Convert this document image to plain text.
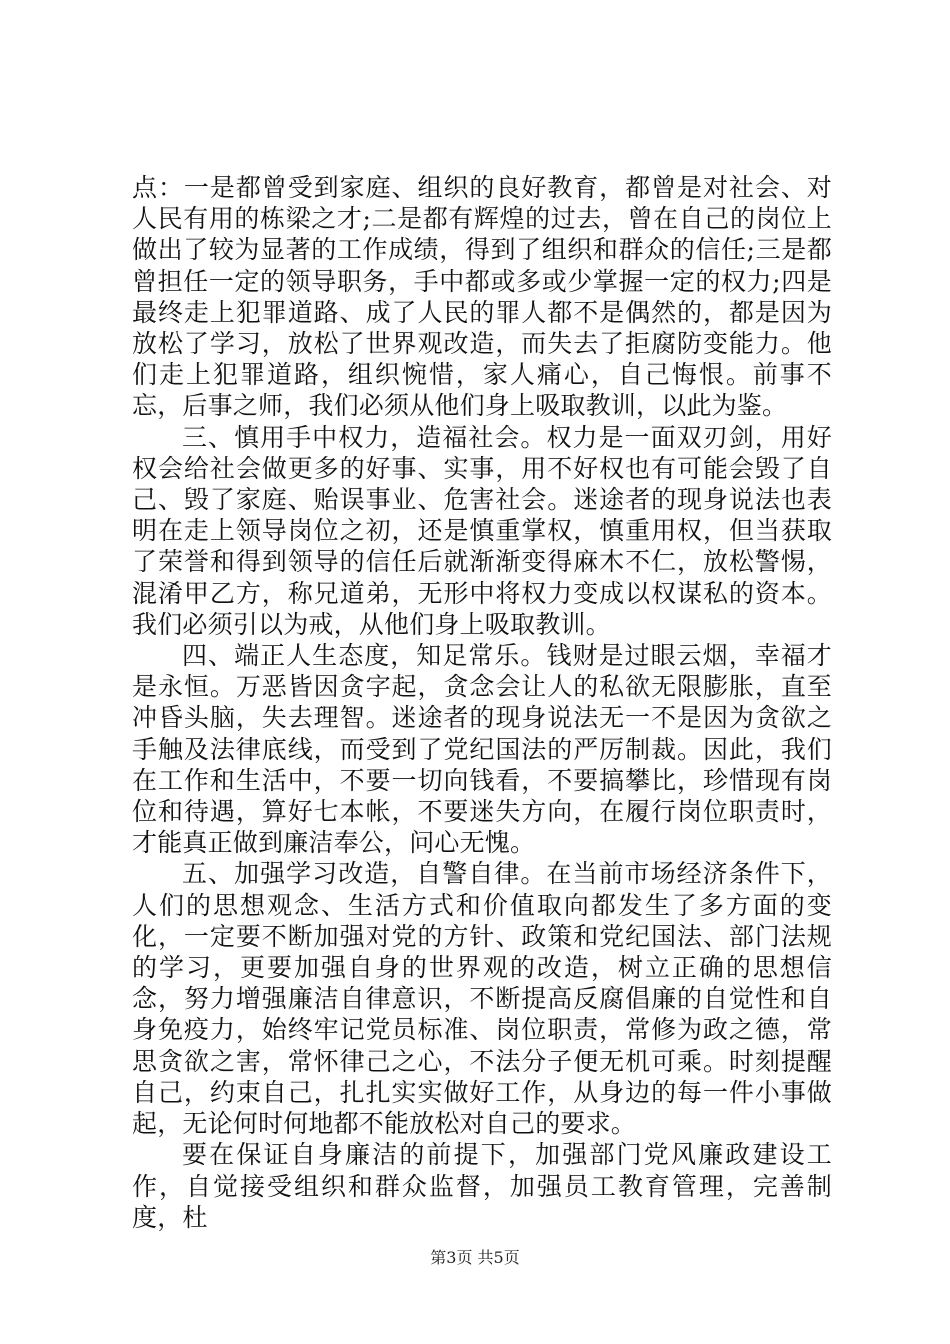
点：一是都曾受到家庭、组织的良好教育，都曾是对社会、对人民有用的栋梁之才;二是都有辉煌的过去，曾在自己的岗位上做出了较为显著的工作成绩，得到了组织和群众的信任;三是都曾担任一定的领导职务，手中都或多或少掌握一定的权力;四是最终走上犯罪道路、成了人民的罪人都不是偶然的，都是因为放松了学习，放松了世界观改造，而失去了拒腐防变能力。他们走上犯罪道路，组织惋惜，家人痛心，自己悔恨。前事不忘，后事之师，我们必须从他们身上吸取教训，以此为鉴。

三、慎用手中权力，造福社会。权力是一面双刃剑，用好权会给社会做更多的好事、实事，用不好权也有可能会毁了自己、毁了家庭、贻误事业、危害社会。迷途者的现身说法也表明在走上领导岗位之初，还是慎重掌权，慎重用权，但当获取了荣誉和得到领导的信任后就渐渐变得麻木不仁，放松警惕，混淆甲乙方，称兄道弟，无形中将权力变成以权谋私的资本。我们必须引以为戒，从他们身上吸取教训。

四、端正人生态度，知足常乐。钱财是过眼云烟，幸福才是永恒。万恶皆因贪字起，贪念会让人的私欲无限膨胀，直至冲昏头脑，失去理智。迷途者的现身说法无一不是因为贪欲之手触及法律底线，而受到了党纪国法的严厉制裁。因此，我们在工作和生活中，不要一切向钱看，不要搞攀比，珍惜现有岗位和待遇，算好七本帐，不要迷失方向，在履行岗位职责时，才能真正做到廉洁奉公，问心无愧。

五、加强学习改造，自警自律。在当前市场经济条件下，人们的思想观念、生活方式和价值取向都发生了多方面的变化，一定要不断加强对党的方针、政策和党纪国法、部门法规的学习，更要加强自身的世界观的改造，树立正确的思想信念，努力增强廉洁自律意识，不断提高反腐倡廉的自觉性和自身免疫力，始终牢记党员标准、岗位职责，常修为政之德，常思贪欲之害，常怀律己之心，不法分子便无机可乘。时刻提醒自己，约束自己，扎扎实实做好工作，从身边的每一件小事做起，无论何时何地都不能放松对自己的要求。

要在保证自身廉洁的前提下，加强部门党风廉政建设工作，自觉接受组织和群众监督，加强员工教育管理，完善制度，杜

第3页 共5页
